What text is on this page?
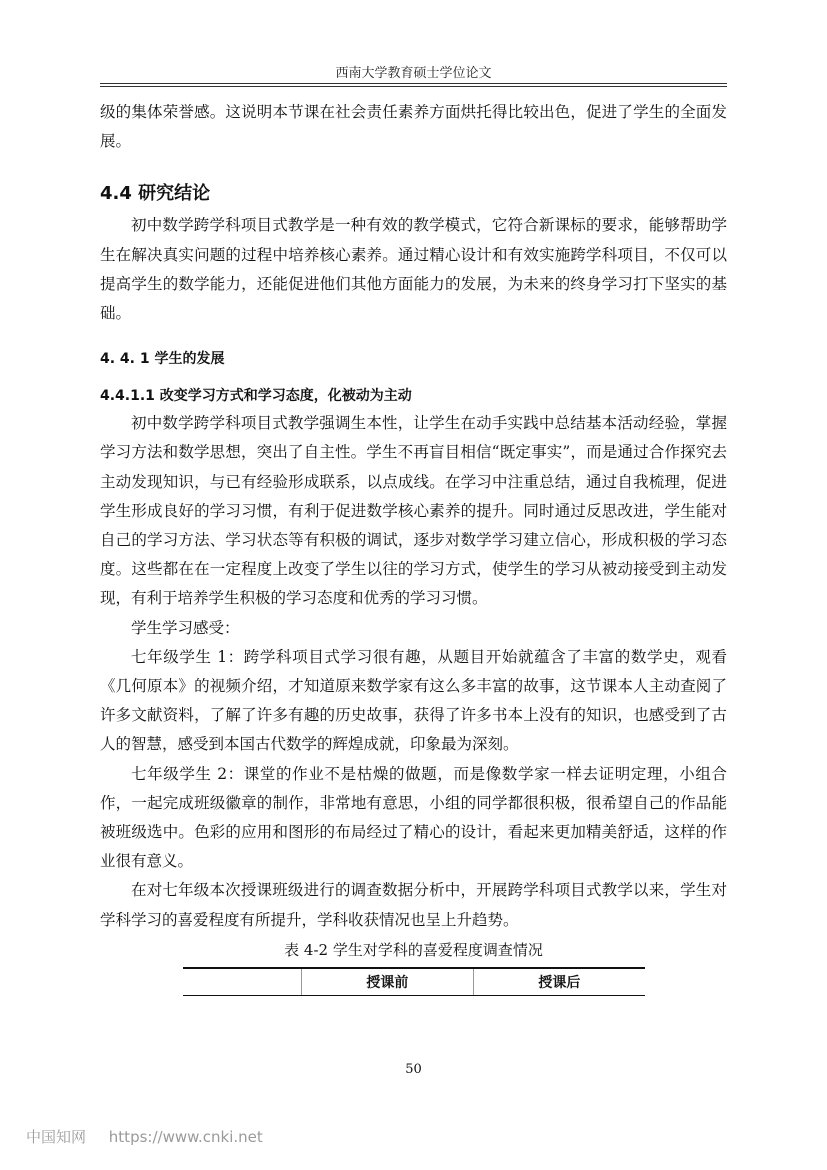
西南大学教育硕士学位论文

级的集体荣誉感。这说明本节课在社会责任素养方面烘托得比较出色，促进了学生的全面发展。

4.4 研究结论

初中数学跨学科项目式教学是一种有效的教学模式，它符合新课标的要求，能够帮助学生在解决真实问题的过程中培养核心素养。通过精心设计和有效实施跨学科项目，不仅可以提高学生的数学能力，还能促进他们其他方面能力的发展，为未来的终身学习打下坚实的基础。

4. 4. 1 学生的发展
4.4.1.1 改变学习方式和学习态度，化被动为主动

初中数学跨学科项目式教学强调生本性，让学生在动手实践中总结基本活动经验，掌握学习方法和数学思想，突出了自主性。学生不再盲目相信“既定事实”，而是通过合作探究去主动发现知识，与已有经验形成联系，以点成线。在学习中注重总结，通过自我梳理，促进学生形成良好的学习习惯，有利于促进数学核心素养的提升。同时通过反思改进，学生能对自己的学习方法、学习状态等有积极的调试，逐步对数学学习建立信心，形成积极的学习态度。这些都在在一定程度上改变了学生以往的学习方式，使学生的学习从被动接受到主动发现，有利于培养学生积极的学习态度和优秀的学习习惯。

学生学习感受：

七年级学生 1：跨学科项目式学习很有趣，从题目开始就蕴含了丰富的数学史，观看《几何原本》的视频介绍，才知道原来数学家有这么多丰富的故事，这节课本人主动查阅了许多文献资料，了解了许多有趣的历史故事，获得了许多书本上没有的知识，也感受到了古人的智慧，感受到本国古代数学的辉煌成就，印象最为深刻。

七年级学生 2：课堂的作业不是枯燥的做题，而是像数学家一样去证明定理，小组合作，一起完成班级徽章的制作，非常地有意思，小组的同学都很积极，很希望自己的作品能被班级选中。色彩的应用和图形的布局经过了精心的设计，看起来更加精美舒适，这样的作业很有意义。

在对七年级本次授课班级进行的调查数据分析中，开展跨学科项目式教学以来，学生对学科学习的喜爱程度有所提升，学科收获情况也呈上升趋势。

表 4-2 学生对学科的喜爱程度调查情况
	授课前	授课后
50
中国知网 https://www.cnki.net
